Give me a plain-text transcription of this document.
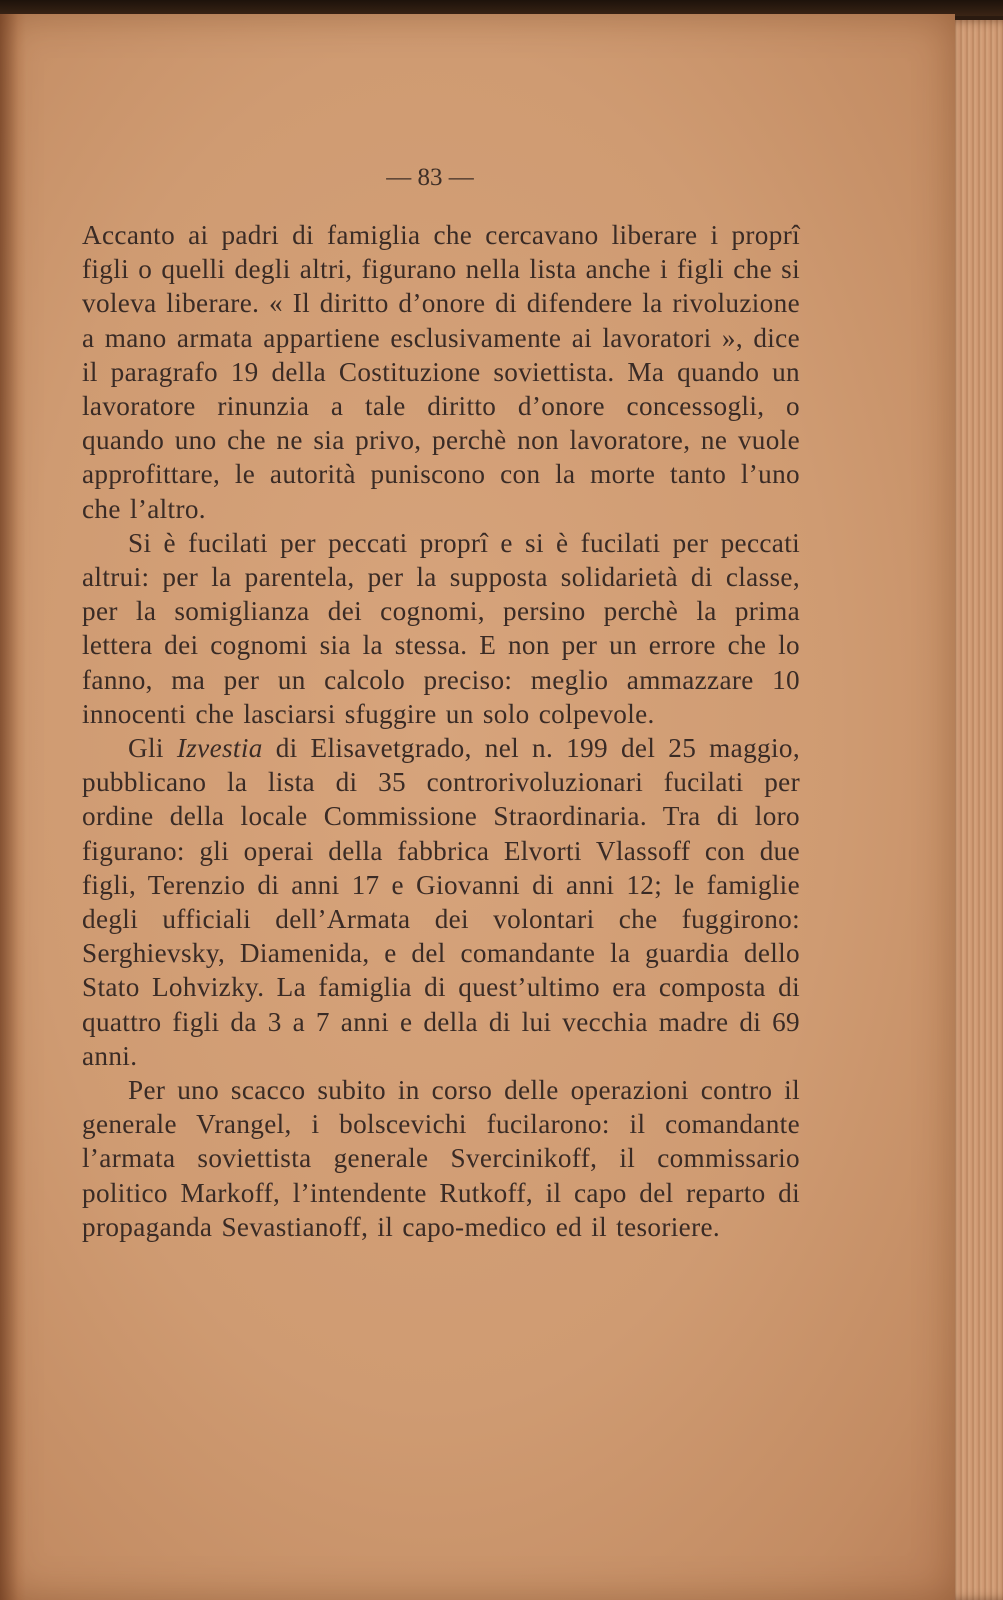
— 83 —

Accanto ai padri di famiglia che cercavano liberare i proprî figli o quelli degli altri, figurano nella lista anche i figli che si voleva liberare. « Il diritto d’onore di difendere la rivoluzione a mano armata appartiene esclusivamente ai lavoratori », dice il paragrafo 19 della Costituzione soviettista. Ma quando un lavoratore rinunzia a tale diritto d’onore concessogli, o quando uno che ne sia privo, perchè non lavoratore, ne vuole approfittare, le autorità puniscono con la morte tanto l’uno che l’altro.

Si è fucilati per peccati proprî e si è fucilati per peccati altrui: per la parentela, per la supposta solidarietà di classe, per la somiglianza dei cognomi, persino perchè la prima lettera dei cognomi sia la stessa. E non per un errore che lo fanno, ma per un calcolo preciso: meglio ammazzare 10 innocenti che lasciarsi sfuggire un solo colpevole.

Gli Izvestia di Elisavetgrado, nel n. 199 del 25 maggio, pubblicano la lista di 35 controrivoluzionari fucilati per ordine della locale Commissione Straordinaria. Tra di loro figurano: gli operai della fabbrica Elvorti Vlassoff con due figli, Terenzio di anni 17 e Giovanni di anni 12; le famiglie degli ufficiali dell’Armata dei volontari che fuggirono: Serghievsky, Diamenida, e del comandante la guardia dello Stato Lohvizky. La famiglia di quest’ultimo era composta di quattro figli da 3 a 7 anni e della di lui vecchia madre di 69 anni.

Per uno scacco subito in corso delle operazioni contro il generale Vrangel, i bolscevichi fucilarono: il comandante l’armata soviettista generale Svercinikoff, il commissario politico Markoff, l’intendente Rutkoff, il capo del reparto di propaganda Sevastianoff, il capo-medico ed il tesoriere.
